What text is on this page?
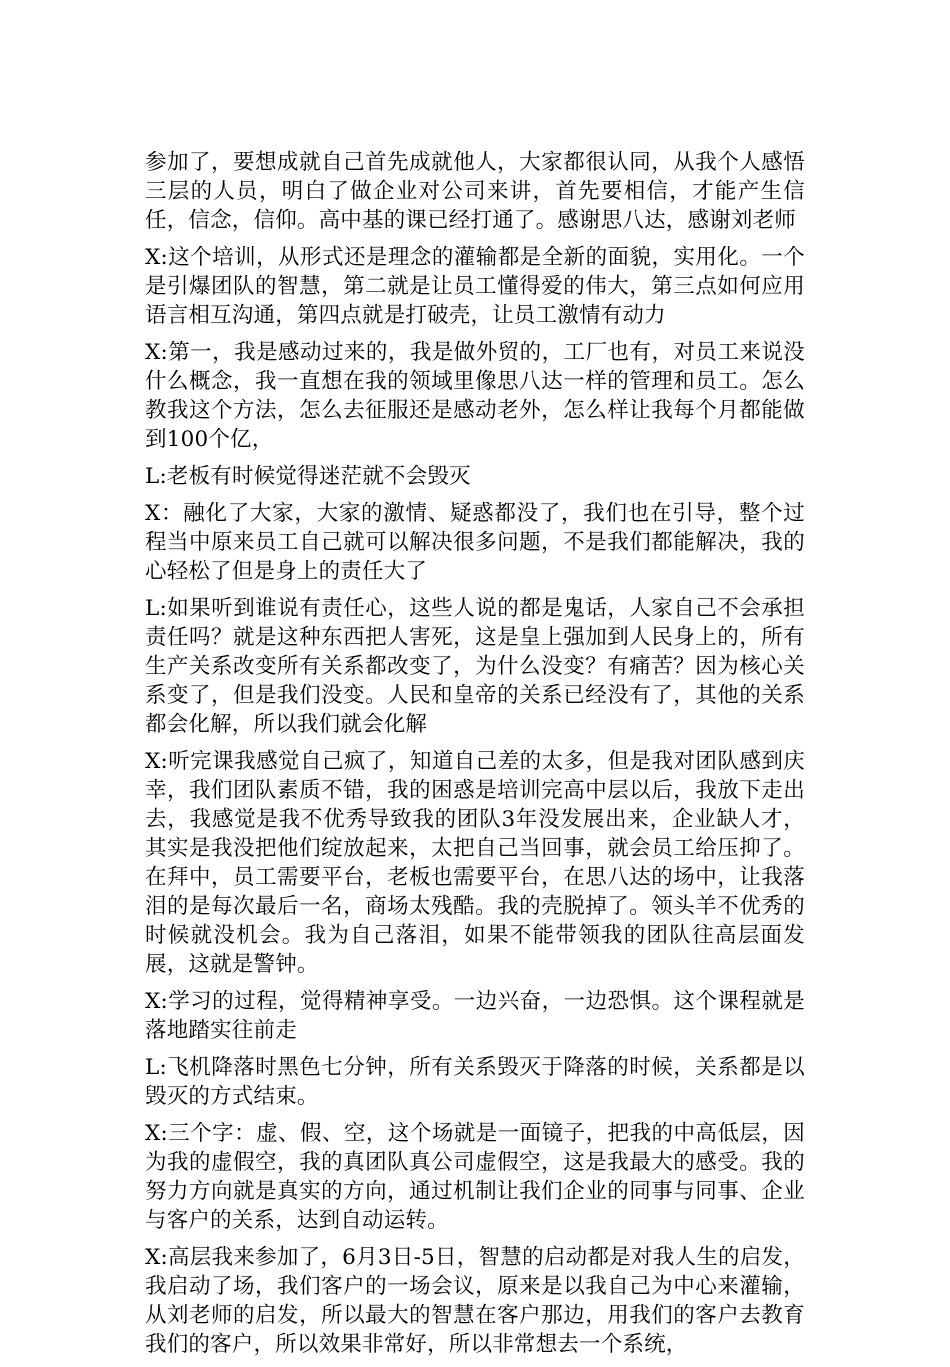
参加了，要想成就自己首先成就他人，大家都很认同，从我个人感悟三层的人员，明白了做企业对公司来讲，首先要相信，才能产生信任，信念，信仰。高中基的课已经打通了。感谢思八达，感谢刘老师

X:这个培训，从形式还是理念的灌输都是全新的面貌，实用化。一个是引爆团队的智慧，第二就是让员工懂得爱的伟大，第三点如何应用语言相互沟通，第四点就是打破壳，让员工激情有动力

X:第一，我是感动过来的，我是做外贸的，工厂也有，对员工来说没什么概念，我一直想在我的领域里像思八达一样的管理和员工。怎么教我这个方法，怎么去征服还是感动老外，怎么样让我每个月都能做到100个亿，

L:老板有时候觉得迷茫就不会毁灭

X：融化了大家，大家的激情、疑惑都没了，我们也在引导，整个过程当中原来员工自己就可以解决很多问题，不是我们都能解决，我的心轻松了但是身上的责任大了

L:如果听到谁说有责任心，这些人说的都是鬼话，人家自己不会承担责任吗？就是这种东西把人害死，这是皇上强加到人民身上的，所有生产关系改变所有关系都改变了，为什么没变？有痛苦？因为核心关系变了，但是我们没变。人民和皇帝的关系已经没有了，其他的关系都会化解，所以我们就会化解

X:听完课我感觉自己疯了，知道自己差的太多，但是我对团队感到庆幸，我们团队素质不错，我的困惑是培训完高中层以后，我放下走出去，我感觉是我不优秀导致我的团队3年没发展出来，企业缺人才，其实是我没把他们绽放起来，太把自己当回事，就会员工给压抑了。在拜中，员工需要平台，老板也需要平台，在思八达的场中，让我落泪的是每次最后一名，商场太残酷。我的壳脱掉了。领头羊不优秀的时候就没机会。我为自己落泪，如果不能带领我的团队往高层面发展，这就是警钟。

X:学习的过程，觉得精神享受。一边兴奋，一边恐惧。这个课程就是落地踏实往前走

L:飞机降落时黑色七分钟，所有关系毁灭于降落的时候，关系都是以毁灭的方式结束。

X:三个字：虚、假、空，这个场就是一面镜子，把我的中高低层，因为我的虚假空，我的真团队真公司虚假空，这是我最大的感受。我的努力方向就是真实的方向，通过机制让我们企业的同事与同事、企业与客户的关系，达到自动运转。

X:高层我来参加了，6月3日-5日，智慧的启动都是对我人生的启发，我启动了场，我们客户的一场会议，原来是以我自己为中心来灌输，从刘老师的启发，所以最大的智慧在客户那边，用我们的客户去教育我们的客户，所以效果非常好，所以非常想去一个系统，
